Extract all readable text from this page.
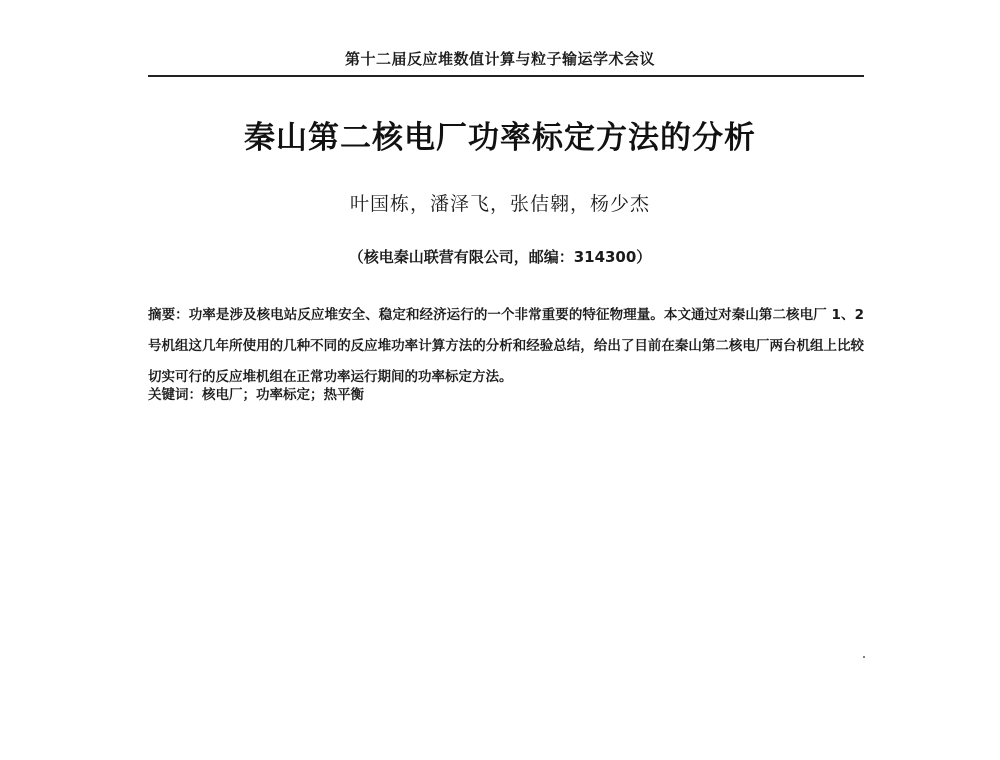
第十二届反应堆数值计算与粒子输运学术会议
秦山第二核电厂功率标定方法的分析
叶国栋，潘泽飞，张佶翱，杨少杰
（核电秦山联营有限公司，邮编：314300）
摘要：功率是涉及核电站反应堆安全、稳定和经济运行的一个非常重要的特征物理量。本文通过对秦山第二核电厂 1、2 号机组这几年所使用的几种不同的反应堆功率计算方法的分析和经验总结，给出了目前在秦山第二核电厂两台机组上比较切实可行的反应堆机组在正常功率运行期间的功率标定方法。
关键词：核电厂；功率标定；热平衡
